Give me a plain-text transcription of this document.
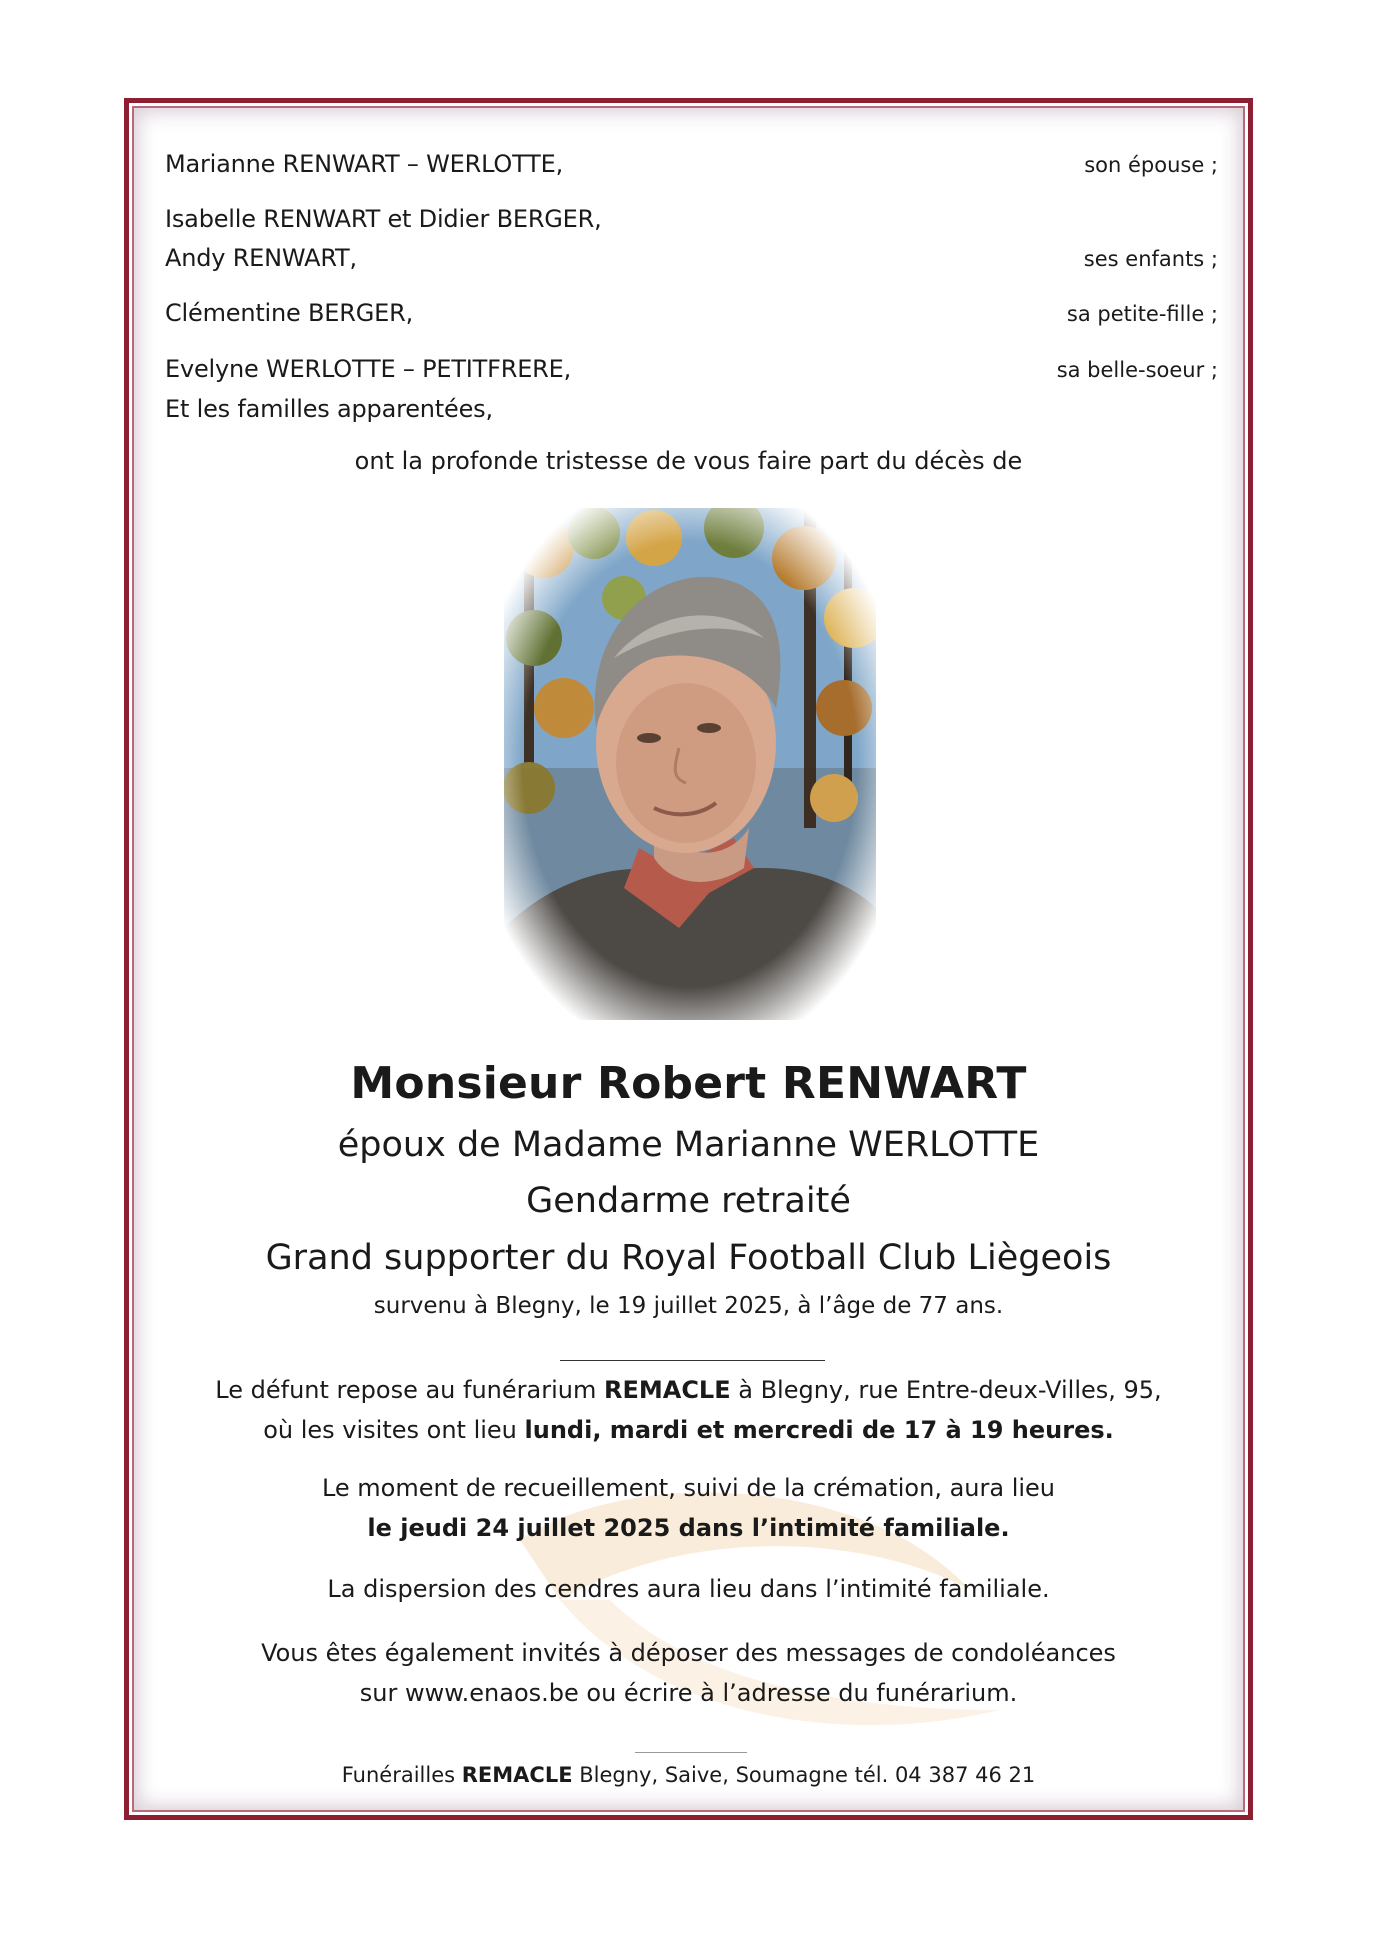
Marianne RENWART – WERLOTTE,	son épouse ;
Isabelle RENWART et Didier BERGER,
Andy RENWART,	ses enfants ;
Clémentine BERGER,	sa petite-fille ;
Evelyne WERLOTTE – PETITFRERE,	sa belle-soeur ;
Et les familles apparentées,
ont la profonde tristesse de vous faire part du décès de
Monsieur Robert RENWART
époux de Madame Marianne WERLOTTE
Gendarme retraité
Grand supporter du Royal Football Club Liègeois
survenu à Blegny, le 19 juillet 2025, à l’âge de 77 ans.
Le défunt repose au funérarium REMACLE à Blegny, rue Entre-deux-Villes, 95,
où les visites ont lieu lundi, mardi et mercredi de 17 à 19 heures.
Le moment de recueillement, suivi de la crémation, aura lieu
le jeudi 24 juillet 2025 dans l’intimité familiale.
La dispersion des cendres aura lieu dans l’intimité familiale.
Vous êtes également invités à déposer des messages de condoléances
sur www.enaos.be ou écrire à l’adresse du funérarium.
Funérailles REMACLE Blegny, Saive, Soumagne tél. 04 387 46 21
